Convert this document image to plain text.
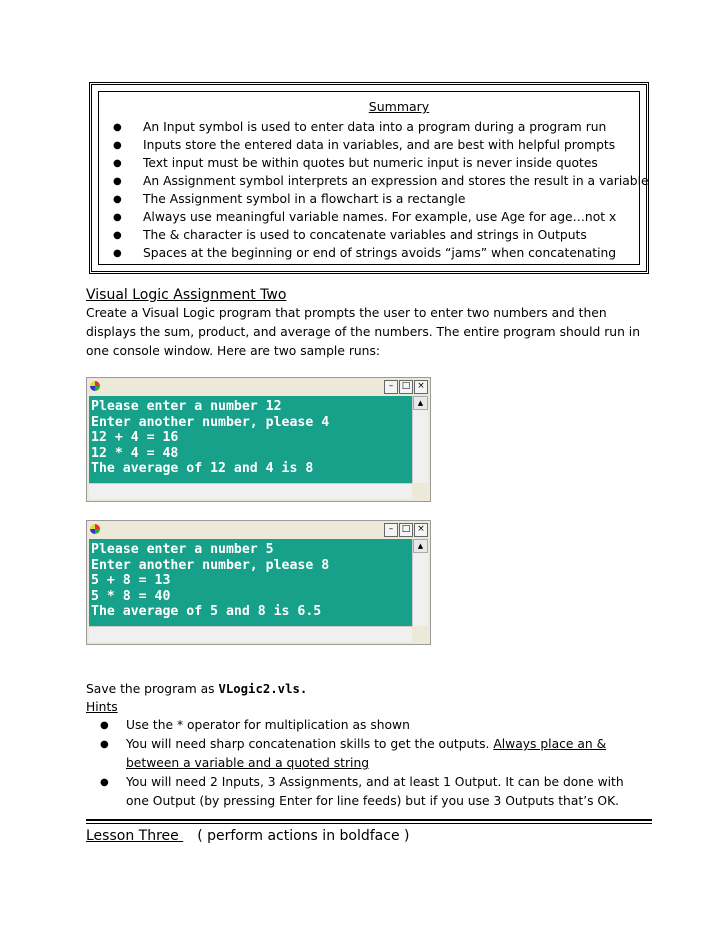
Summary
●	An Input symbol is used to enter data into a program during a program run
●	Inputs store the entered data in variables, and are best with helpful prompts
●	Text input must be within quotes but numeric input is never inside quotes
●	An Assignment symbol interprets an expression and stores the result in a variable
●	The Assignment symbol in a flowchart is a rectangle
●	Always use meaningful variable names. For example, use Age for age…not x
●	The & character is used to concatenate variables and strings in Outputs
●	Spaces at the beginning or end of strings avoids “jams” when concatenating
Visual Logic Assignment Two
Create a Visual Logic program that prompts the user to enter two numbers and then
displays the sum, product, and average of the numbers. The entire program should run in
one console window. Here are two sample runs:
– □ ×
Please enter a number 12
Enter another number, please 4
12 + 4 = 16
12 * 4 = 48
The average of 12 and 4 is 8
▲
– □ ×
Please enter a number 5
Enter another number, please 8
5 + 8 = 13
5 * 8 = 40
The average of 5 and 8 is 6.5
▲
Save the program as VLogic2.vls.
Hints
●	Use the * operator for multiplication as shown
●	You will need sharp concatenation skills to get the outputs. Always place an &
between a variable and a quoted string
●	You will need 2 Inputs, 3 Assignments, and at least 1 Output. It can be done with
one Output (by pressing Enter for line feeds) but if you use 3 Outputs that’s OK.
Lesson Three ( perform actions in boldface )
